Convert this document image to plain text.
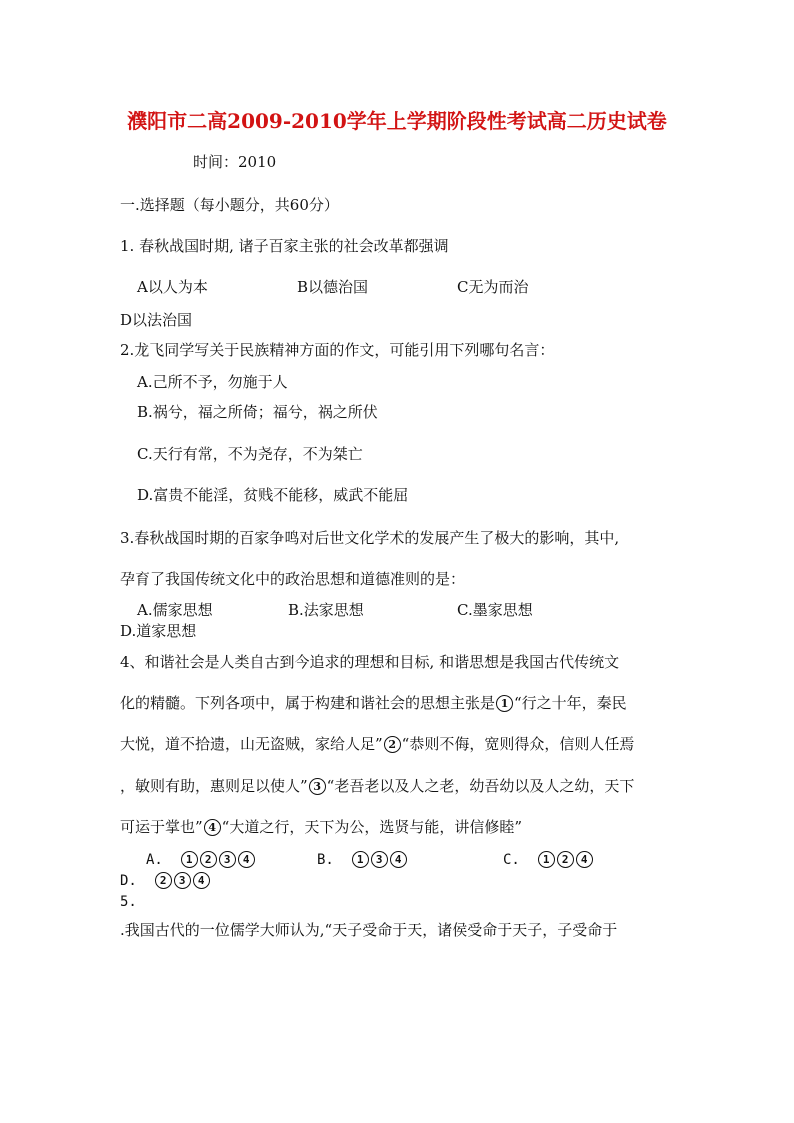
濮阳市二高2009-2010学年上学期阶段性考试高二历史试卷
时间：2010
一.选择题（每小题分，共60分）
1. 春秋战国时期, 诸子百家主张的社会改革都强调
A以人为本	B以德治国	C无为而治
D以法治国
2.龙飞同学写关于民族精神方面的作文，可能引用下列哪句名言：
A.己所不予，勿施于人
B.祸兮，福之所倚；福兮，祸之所伏
C.天行有常，不为尧存，不为桀亡
D.富贵不能淫，贫贱不能移，威武不能屈
3.春秋战国时期的百家争鸣对后世文化学术的发展产生了极大的影响，其中,
孕育了我国传统文化中的政治思想和道德准则的是：
A.儒家思想	B.法家思想	C.墨家思想
D.道家思想
4、和谐社会是人类自古到今追求的理想和目标, 和谐思想是我国古代传统文
化的精髓。下列各项中，属于构建和谐社会的思想主张是 1 “行之十年，秦民
大悦，道不拾遗，山无盗贼，家给人足” 2 “恭则不侮，宽则得众，信则人任焉
，敏则有助，惠则足以使人” 3 “老吾老以及人之老，幼吾幼以及人之幼，天下
可运于掌也” 4 “大道之行，天下为公，选贤与能，讲信修睦”
A. 1 2 3 4	B. 1 3 4	C. 1 2 4
D. 2 3 4
5.
.我国古代的一位儒学大师认为,“天子受命于天，诸侯受命于天子，子受命于
